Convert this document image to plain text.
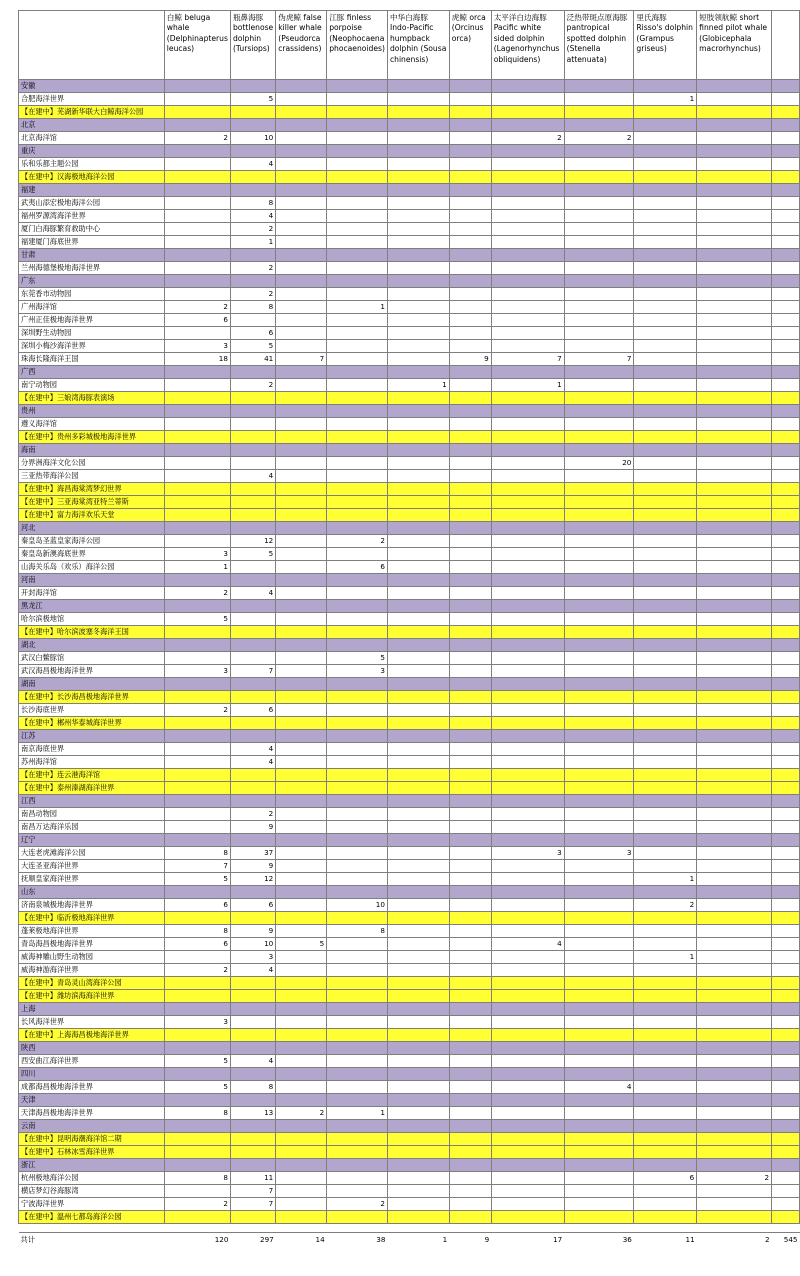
	白鲸 beluga whale (Delphinapterus leucas)	瓶鼻海豚 bottlenose dolphin (Tursiops)	伪虎鲸 false killer whale (Pseudorca crassidens)	江豚 finless porpoise (Neophocaena phocaenoides)	中华白海豚 Indo-Pacific humpback dolphin (Sousa chinensis)	虎鲸 orca (Orcinus orca)	太平洋白边海豚 Pacific white sided dolphin (Lagenorhynchus obliquidens)	泛热带斑点原海豚 pantropical spotted dolphin (Stenella attenuata)	里氏海豚 Risso's dolphin (Grampus griseus)	短肢领航鲸 short finned pilot whale (Globicephala macrorhynchus)	
安徽											
合肥海洋世界		5							1		
【在建中】芜湖新华联大白鲸海洋公园											
北京											
北京海洋馆	2	10					2	2			
重庆											
乐和乐都主题公园		4									
【在建中】汉海极地海洋公园											
福建											
武夷山添宏极地海洋公园		8									
福州罗源湾海洋世界		4									
厦门白海豚繁育救助中心		2									
福建厦门海底世界		1									
甘肃											
兰州海德堡极地海洋世界		2									
广东											
东莞香市动物园		2									
广州海洋馆	2	8		1							
广州正佳极地海洋世界	6										
深圳野生动物园		6									
深圳小梅沙海洋世界	3	5									
珠海长隆海洋王国	18	41	7			9	7	7			
广西											
南宁动物园		2			1		1				
【在建中】三娘湾海豚表演场											
贵州											
遵义海洋馆											
【在建中】贵州多彩城极地海洋世界											
海南											
分界洲海洋文化公园								20			
三亚热带海洋公园		4									
【在建中】海昌海棠湾梦幻世界											
【在建中】三亚海棠湾亚特兰蒂斯											
【在建中】富力海洋欢乐天堂											
河北											
秦皇岛圣蓝皇家海洋公园		12		2							
秦皇岛新澳海底世界	3	5									
山海关乐岛（欢乐）海洋公园	1			6							
河南											
开封海洋馆	2	4									
黑龙江											
哈尔滨极地馆	5										
【在建中】哈尔滨波塞冬海洋王国											
湖北											
武汉白鳖豚馆				5							
武汉海昌极地海洋世界	3	7		3							
湖南											
【在建中】长沙海昌极地海洋世界											
长沙海底世界	2	6									
【在建中】郴州华泰城海洋世界											
江苏											
南京海底世界		4									
苏州海洋馆		4									
【在建中】连云港海洋馆											
【在建中】泰州溱湖海洋世界											
江西											
南昌动物园		2									
南昌万达海洋乐园		9									
辽宁											
大连老虎滩海洋公园	8	37					3	3			
大连圣亚海洋世界	7	9									
抚顺皇家海洋世界	5	12							1		
山东											
济南泉城极地海洋世界	6	6		10					2		
【在建中】临沂极地海洋世界											
蓬莱极地海洋世界	8	9		8							
青岛海昌极地海洋世界	6	10	5				4				
威海神雕山野生动物园		3							1		
威海神游海洋世界	2	4									
【在建中】青岛灵山湾海洋公园											
【在建中】潍坊滨海海洋世界											
上海											
长风海洋世界	3										
【在建中】上海海昌极地海洋世界											
陕西											
西安曲江海洋世界	5	4									
四川											
成都海昌极地海洋世界	5	8						4			
天津											
天津海昌极地海洋世界	8	13	2	1							
云南											
【在建中】昆明海潮海洋馆二期											
【在建中】石林冰雪海洋世界											
浙江											
杭州极地海洋公园	8	11							6	2	
横店梦幻谷海豚湾		7									
宁波海洋世界	2	7		2							
【在建中】温州七都岛海洋公园											

共计	120	297	14	38	1	9	17	36	11	2	545
